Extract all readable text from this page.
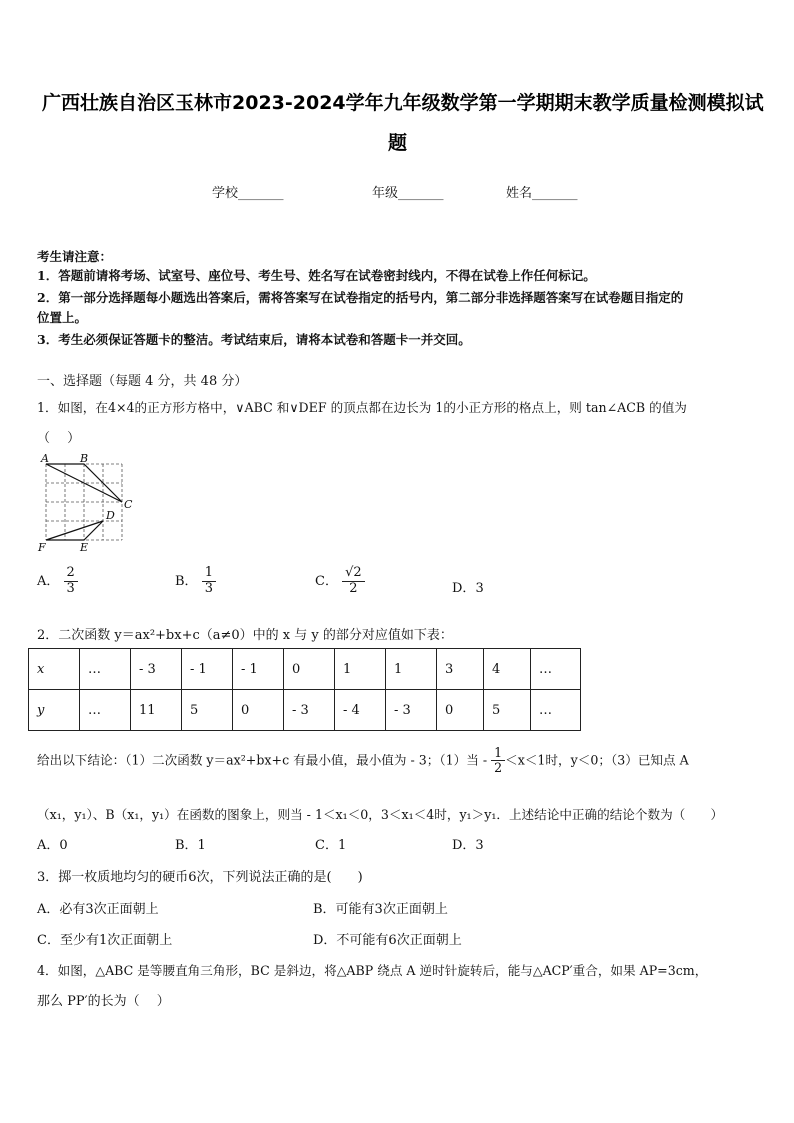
广西壮族自治区玉林市2023-2024学年九年级数学第一学期期末教学质量检测模拟试
题
学校_______	年级_______	姓名_______
考生请注意：
1．答题前请将考场、试室号、座位号、考生号、姓名写在试卷密封线内，不得在试卷上作任何标记。
2．第一部分选择题每小题选出答案后，需将答案写在试卷指定的括号内，第二部分非选择题答案写在试卷题目指定的
位置上。
3．考生必须保证答题卡的整洁。考试结束后，请将本试卷和答题卡一并交回。
一、选择题（每题 4 分，共 48 分）
1．如图，在4×4的正方形方格中，∨ABC 和∨DEF 的顶点都在边长为 1的小正方形的格点上，则 tan∠ACB 的值为
（　 ）
A	B
C
D
F	E
A． $\frac{2}{3}$	B． $\frac{1}{3}$	C． $\frac{√2}{2}$	D．3
2．二次函数 y＝ax²+bx+c（a≠0）中的 x 与 y 的部分对应值如下表：
x	…	- 3	- 1	- 1	0	1	1	3	4	…
y	…	11	5	0	- 3	- 4	- 3	0	5	…
给出以下结论：（1）二次函数 y＝ax²+bx+c 有最小值，最小值为 - 3；（1）当 - $\frac{1}{2} <x<1$时，y＜0；（3）已知点 A
（x₁，y₁）、B（x₁，y₁）在函数的图象上，则当 - 1＜x₁＜0，3＜x₁＜4时，y₁＞y₁．上述结论中正确的结论个数为（　　）
A．0	B．1	C．1	D．3
3．掷一枚质地均匀的硬币6次，下列说法正确的是(　　)
A．必有3次正面朝上	B．可能有3次正面朝上
C．至少有1次正面朝上	D．不可能有6次正面朝上
4．如图，△ABC 是等腰直角三角形，BC 是斜边，将△ABP 绕点 A 逆时针旋转后，能与△ACP′重合，如果 AP=3cm，
那么 PP′的长为（　 ）
